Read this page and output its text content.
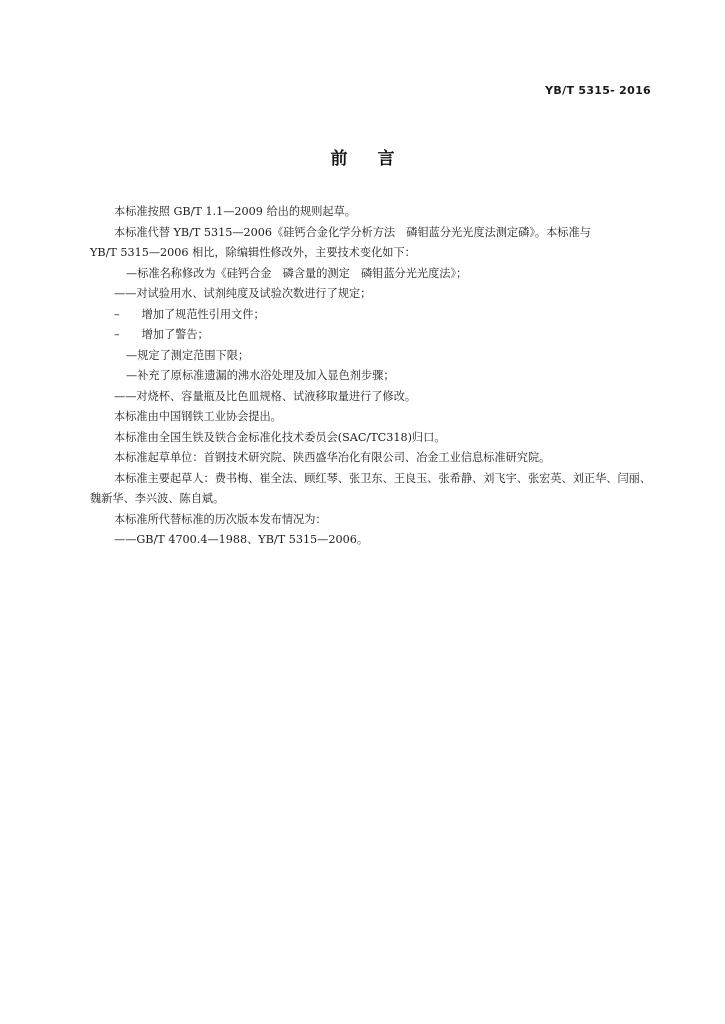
YB/T 5315- 2016
前言
本标准按照 GB/T 1.1—2009 给出的规则起草。
本标准代替 YB/T 5315—2006《硅钙合金化学分析方法　磷钼蓝分光光度法测定磷》。本标准与
YB/T 5315—2006 相比，除编辑性修改外，主要技术变化如下：
—标准名称修改为《硅钙合金　磷含量的测定　磷钼蓝分光光度法》；
——对试验用水、试剂纯度及试验次数进行了规定；
– 增加了规范性引用文件；
– 增加了警告；
—规定了测定范围下限；
—补充了原标准遗漏的沸水浴处理及加入显色剂步骤；
——对烧杯、容量瓶及比色皿规格、试液移取量进行了修改。
本标准由中国钢铁工业协会提出。
本标准由全国生铁及铁合金标准化技术委员会(SAC/TC318)归口。
本标准起草单位：首钢技术研究院、陕西盛华冶化有限公司、冶金工业信息标准研究院。
本标准主要起草人：费书梅、崔全法、顾红琴、张卫东、王良玉、张希静、刘飞宇、张宏英、刘正华、闫丽、
魏新华、李兴波、陈自斌。
本标准所代替标准的历次版本发布情况为：
——GB/T 4700.4—1988、YB/T 5315—2006。
